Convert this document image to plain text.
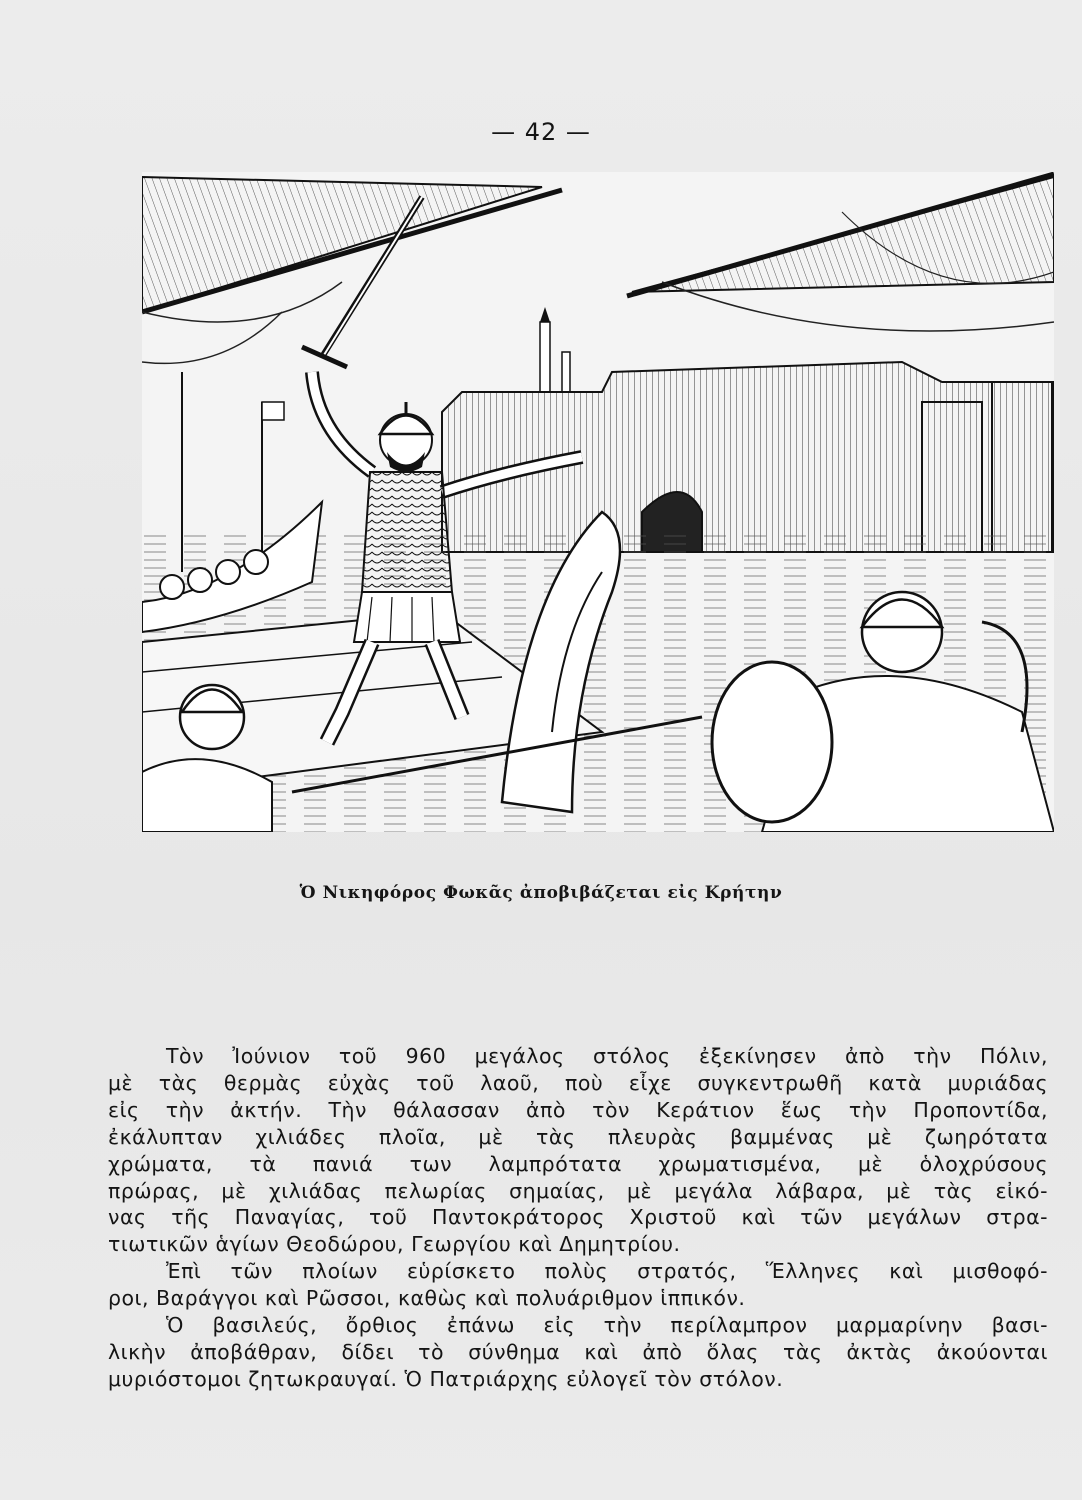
— 42 —
Ὁ Νικηφόρος Φωκᾶς ἀποβιβάζεται εἰς Κρήτην
Τὸν Ἰούνιον τοῦ 960 μεγάλος στόλος ἐξεκίνησεν ἀπὸ τὴν Πόλιν,
μὲ τὰς θερμὰς εὐχὰς τοῦ λαοῦ, ποὺ εἶχε συγκεντρωθῆ κατὰ μυριάδας
εἰς τὴν ἀκτήν. Τὴν θάλασσαν ἀπὸ τὸν Κεράτιον ἕως τὴν Προποντίδα,
ἐκάλυπταν χιλιάδες πλοῖα, μὲ τὰς πλευρὰς βαμμένας μὲ ζωηρότατα
χρώματα, τὰ πανιά των λαμπρότατα χρωματισμένα, μὲ ὁλοχρύσους
πρώρας, μὲ χιλιάδας πελωρίας σημαίας, μὲ μεγάλα λάβαρα, μὲ τὰς εἰκό-
νας τῆς Παναγίας, τοῦ Παντοκράτορος Χριστοῦ καὶ τῶν μεγάλων στρα-
τιωτικῶν ἁγίων Θεοδώρου, Γεωργίου καὶ Δημητρίου.
Ἐπὶ τῶν πλοίων εὑρίσκετο πολὺς στρατός, Ἕλληνες καὶ μισθοφό-
ροι, Βαράγγοι καὶ Ρῶσσοι, καθὼς καὶ πολυάριθμον ἱππικόν.
Ὁ βασιλεύς, ὄρθιος ἐπάνω εἰς τὴν περίλαμπρον μαρμαρίνην βασι-
λικὴν ἀποβάθραν, δίδει τὸ σύνθημα καὶ ἀπὸ ὅλας τὰς ἀκτὰς ἀκούονται
μυριόστομοι ζητωκραυγαί. Ὁ Πατριάρχης εὐλογεῖ τὸν στόλον.
